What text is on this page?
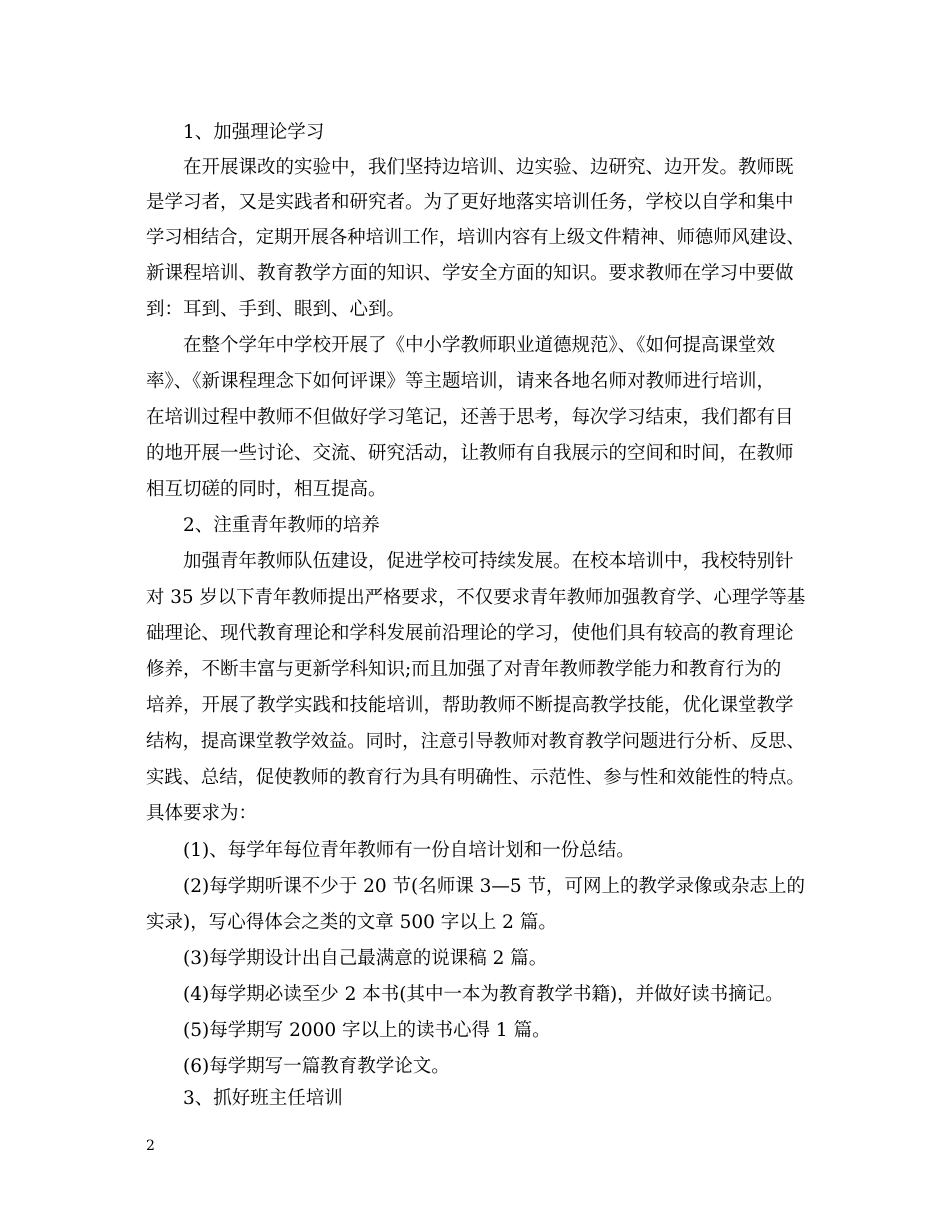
1、加强理论学习
在开展课改的实验中，我们坚持边培训、边实验、边研究、边开发。教师既
是学习者，又是实践者和研究者。为了更好地落实培训任务，学校以自学和集中
学习相结合，定期开展各种培训工作，培训内容有上级文件精神、师德师风建设、
新课程培训、教育教学方面的知识、学安全方面的知识。要求教师在学习中要做
到：耳到、手到、眼到、心到。
在整个学年中学校开展了《中小学教师职业道德规范》、《如何提高课堂效
率》、《新课程理念下如何评课》等主题培训，请来各地名师对教师进行培训，
在培训过程中教师不但做好学习笔记，还善于思考，每次学习结束，我们都有目
的地开展一些讨论、交流、研究活动，让教师有自我展示的空间和时间，在教师
相互切磋的同时，相互提高。
2、注重青年教师的培养
加强青年教师队伍建设，促进学校可持续发展。在校本培训中，我校特别针
对 35 岁以下青年教师提出严格要求，不仅要求青年教师加强教育学、心理学等基
础理论、现代教育理论和学科发展前沿理论的学习，使他们具有较高的教育理论
修养，不断丰富与更新学科知识;而且加强了对青年教师教学能力和教育行为的
培养，开展了教学实践和技能培训，帮助教师不断提高教学技能，优化课堂教学
结构，提高课堂教学效益。同时，注意引导教师对教育教学问题进行分析、反思、
实践、总结，促使教师的教育行为具有明确性、示范性、参与性和效能性的特点。
具体要求为：
(1)、每学年每位青年教师有一份自培计划和一份总结。
(2)每学期听课不少于 20 节(名师课 3—5 节，可网上的教学录像或杂志上的
实录)，写心得体会之类的文章 500 字以上 2 篇。
(3)每学期设计出自己最满意的说课稿 2 篇。
(4)每学期必读至少 2 本书(其中一本为教育教学书籍)，并做好读书摘记。
(5)每学期写 2000 字以上的读书心得 1 篇。
(6)每学期写一篇教育教学论文。
3、抓好班主任培训
2
